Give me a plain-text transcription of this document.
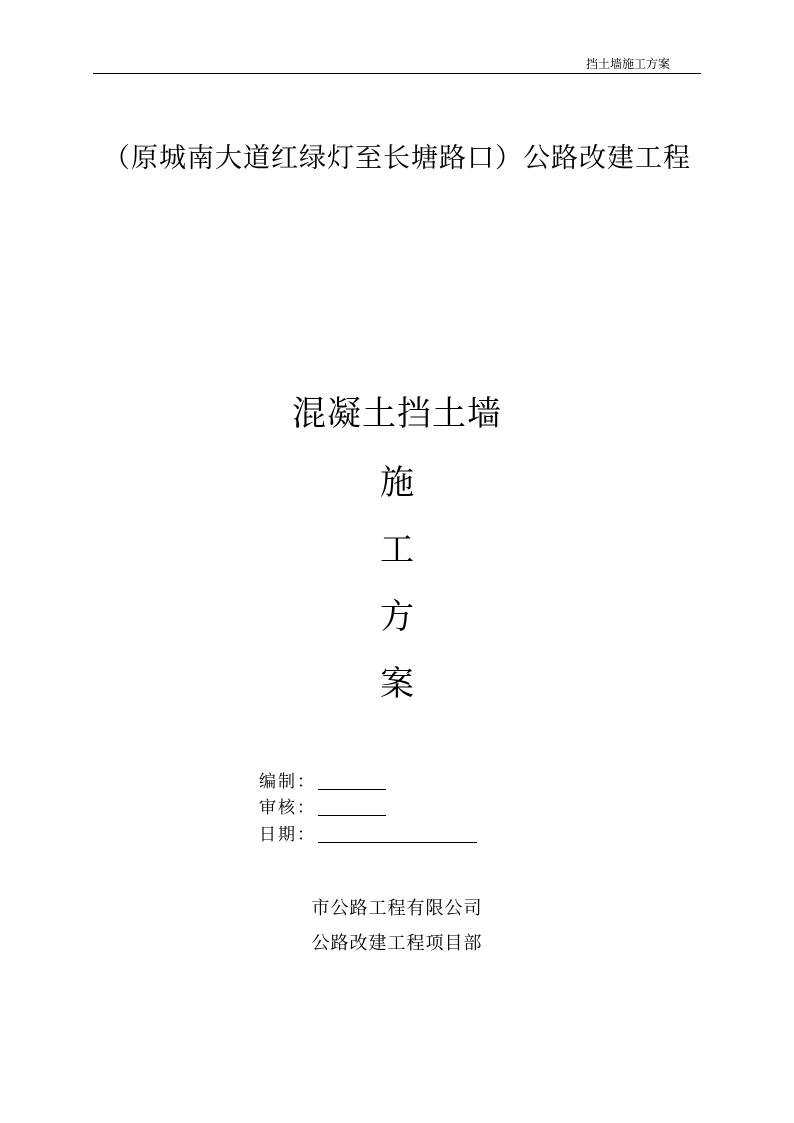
挡土墙施工方案
（原城南大道红绿灯至长塘路口）公路改建工程
混凝土挡土墙
施
工
方
案
编制：
审核：
日期：
市公路工程有限公司
公路改建工程项目部
